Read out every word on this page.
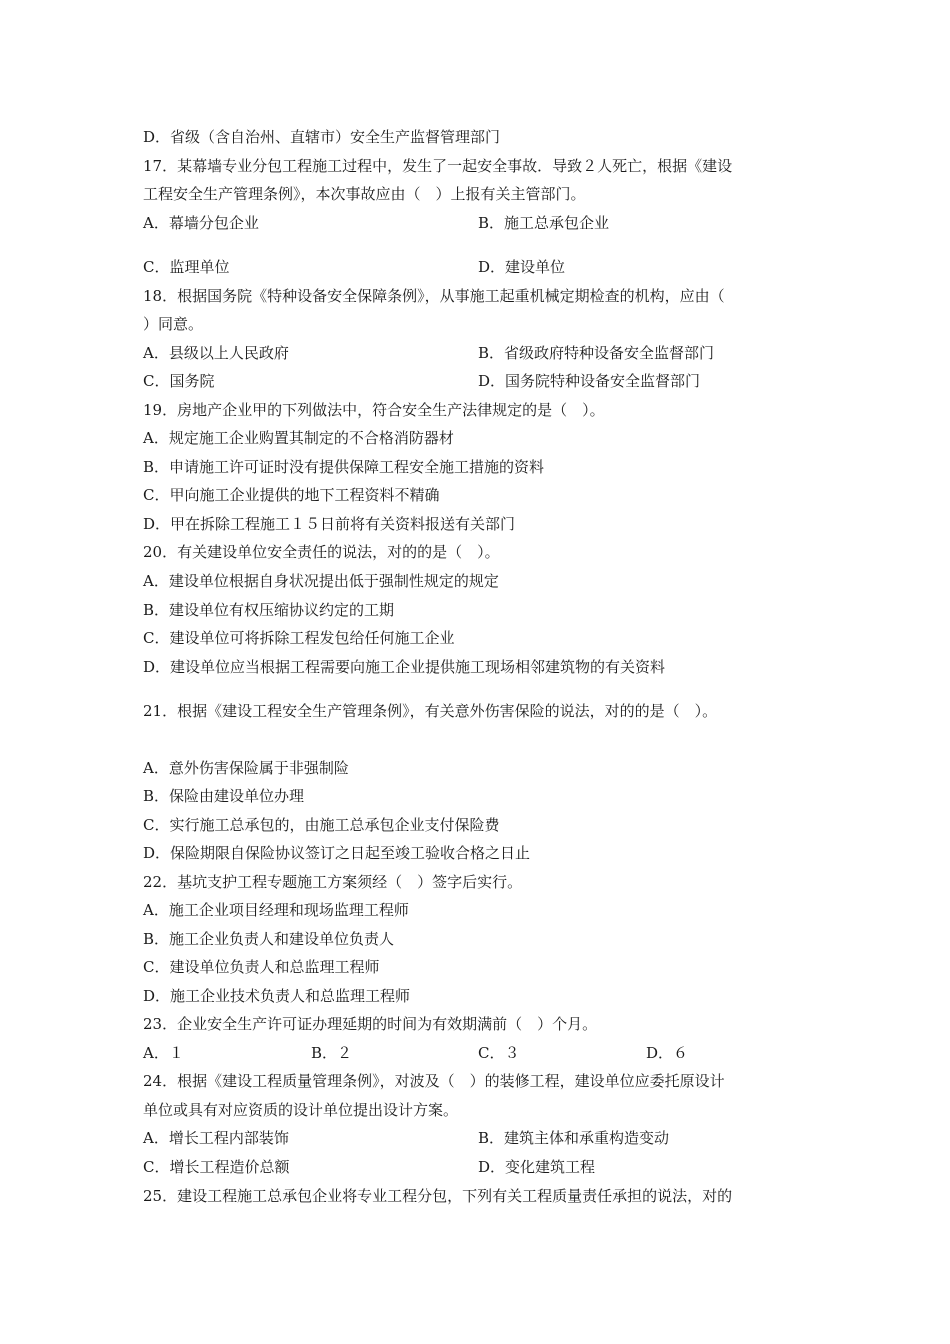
D．省级（含自治州、直辖市）安全生产监督管理部门
17．某幕墙专业分包工程施工过程中，发生了一起安全事故．导致２人死亡，根据《建设
工程安全生产管理条例》，本次事故应由（　）上报有关主管部门。
A．幕墙分包企业	B．施工总承包企业
C．监理单位	D．建设单位
18．根据国务院《特种设备安全保障条例》，从事施工起重机械定期检查的机构，应由（
）同意。
A．县级以上人民政府	B．省级政府特种设备安全监督部门
C．国务院	D．国务院特种设备安全监督部门
19．房地产企业甲的下列做法中，符合安全生产法律规定的是（　）。
A．规定施工企业购置其制定的不合格消防器材
B．申请施工许可证时没有提供保障工程安全施工措施的资料
C．甲向施工企业提供的地下工程资料不精确
D．甲在拆除工程施工１５日前将有关资料报送有关部门
20．有关建设单位安全责任的说法，对的的是（　）。
A．建设单位根据自身状况提出低于强制性规定的规定
B．建设单位有权压缩协议约定的工期
C．建设单位可将拆除工程发包给任何施工企业
D．建设单位应当根据工程需要向施工企业提供施工现场相邻建筑物的有关资料
21．根据《建设工程安全生产管理条例》，有关意外伤害保险的说法，对的的是（　）。
A．意外伤害保险属于非强制险
B．保险由建设单位办理
C．实行施工总承包的，由施工总承包企业支付保险费
D．保险期限自保险协议签订之日起至竣工验收合格之日止
22．基坑支护工程专题施工方案须经（　）签字后实行。
A．施工企业项目经理和现场监理工程师
B．施工企业负责人和建设单位负责人
C．建设单位负责人和总监理工程师
D．施工企业技术负责人和总监理工程师
23．企业安全生产许可证办理延期的时间为有效期满前（　）个月。
A．１	B．２	C．３	D．６
24．根据《建设工程质量管理条例》，对波及（　）的装修工程，建设单位应委托原设计
单位或具有对应资质的设计单位提出设计方案。
A．增长工程内部装饰	B．建筑主体和承重构造变动
C．增长工程造价总额	D．变化建筑工程
25．建设工程施工总承包企业将专业工程分包，下列有关工程质量责任承担的说法，对的
